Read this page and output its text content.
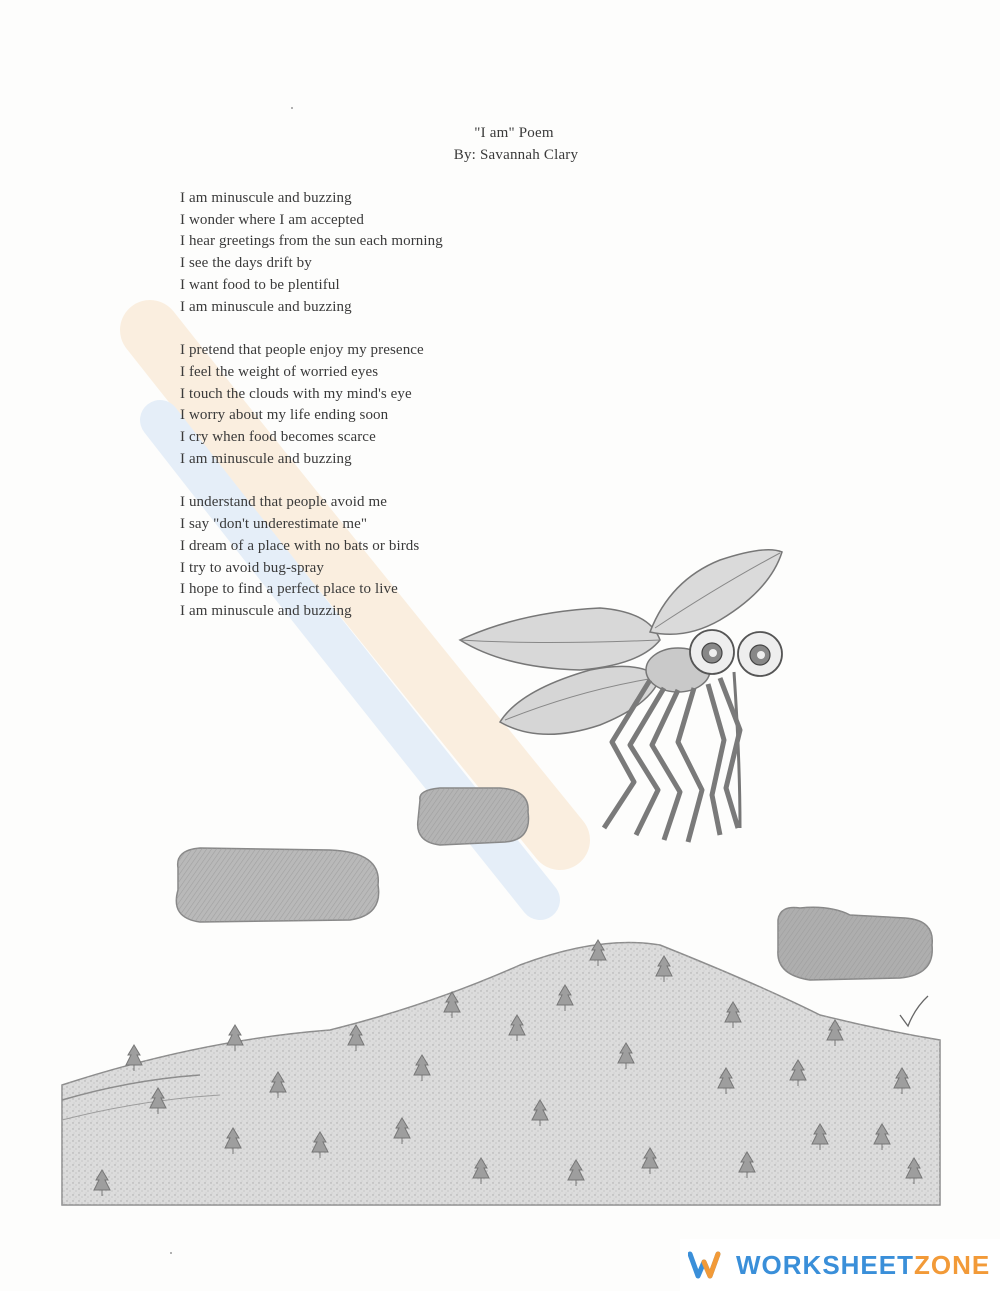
"I am" Poem
By: Savannah Clary
I am minuscule and buzzing
I wonder where I am accepted
I hear greetings from the sun each morning
I see the days drift by
I want food to be plentiful
I am minuscule and buzzing
I pretend that people enjoy my presence
I feel the weight of worried eyes
I touch the clouds with my mind's eye
I worry about my life ending soon
I cry when food becomes scarce
I am minuscule and buzzing
I understand that people avoid me
I say "don't underestimate me"
I dream of a place with no bats or birds
I try to avoid bug-spray
I hope to find a perfect place to live
I am minuscule and buzzing
WORKSHEETZONE
